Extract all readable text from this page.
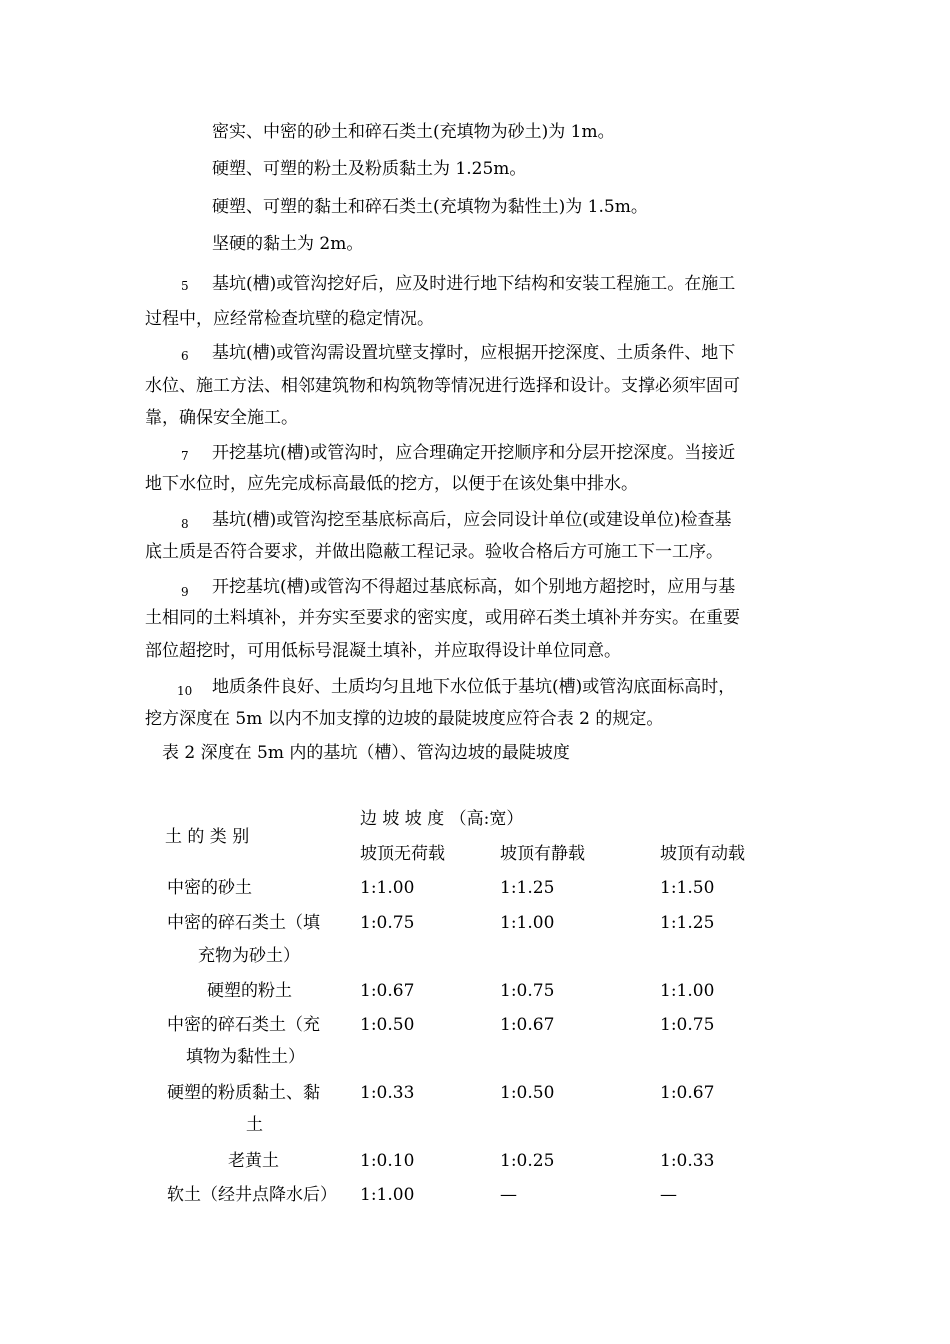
密实、中密的砂土和碎石类土(充填物为砂土)为 1m。
硬塑、可塑的粉土及粉质黏土为 1.25m。
硬塑、可塑的黏土和碎石类土(充填物为黏性土)为 1.5m。
坚硬的黏土为 2m。
5 基坑(槽)或管沟挖好后，应及时进行地下结构和安装工程施工。在施工
过程中，应经常检查坑壁的稳定情况。
6 基坑(槽)或管沟需设置坑壁支撑时，应根据开挖深度、土质条件、地下
水位、施工方法、相邻建筑物和构筑物等情况进行选择和设计。支撑必须牢固可
靠，确保安全施工。
7 开挖基坑(槽)或管沟时，应合理确定开挖顺序和分层开挖深度。当接近
地下水位时，应先完成标高最低的挖方，以便于在该处集中排水。
8 基坑(槽)或管沟挖至基底标高后，应会同设计单位(或建设单位)检查基
底土质是否符合要求，并做出隐蔽工程记录。验收合格后方可施工下一工序。
9 开挖基坑(槽)或管沟不得超过基底标高，如个别地方超挖时，应用与基
土相同的土料填补，并夯实至要求的密实度，或用碎石类土填补并夯实。在重要
部位超挖时，可用低标号混凝土填补，并应取得设计单位同意。
10 地质条件良好、土质均匀且地下水位低于基坑(槽)或管沟底面标高时，
挖方深度在 5m 以内不加支撑的边坡的最陡坡度应符合表 2 的规定。
表 2 深度在 5m 内的基坑（槽）、管沟边坡的最陡坡度
土 的 类 别
边 坡 坡 度 （高:宽）
坡顶无荷载	坡顶有静载	坡顶有动载
中密的砂土	1:1.00	1:1.25	1:1.50
中密的碎石类土（填
充物为砂土）
1:0.75	1:1.00	1:1.25
硬塑的粉土	1:0.67	1:0.75	1:1.00
中密的碎石类土（充
填物为黏性土）
1:0.50	1:0.67	1:0.75
硬塑的粉质黏土、黏
土
1:0.33	1:0.50	1:0.67
老黄土	1:0.10	1:0.25	1:0.33
软土（经井点降水后） 1:1.00	—	—
